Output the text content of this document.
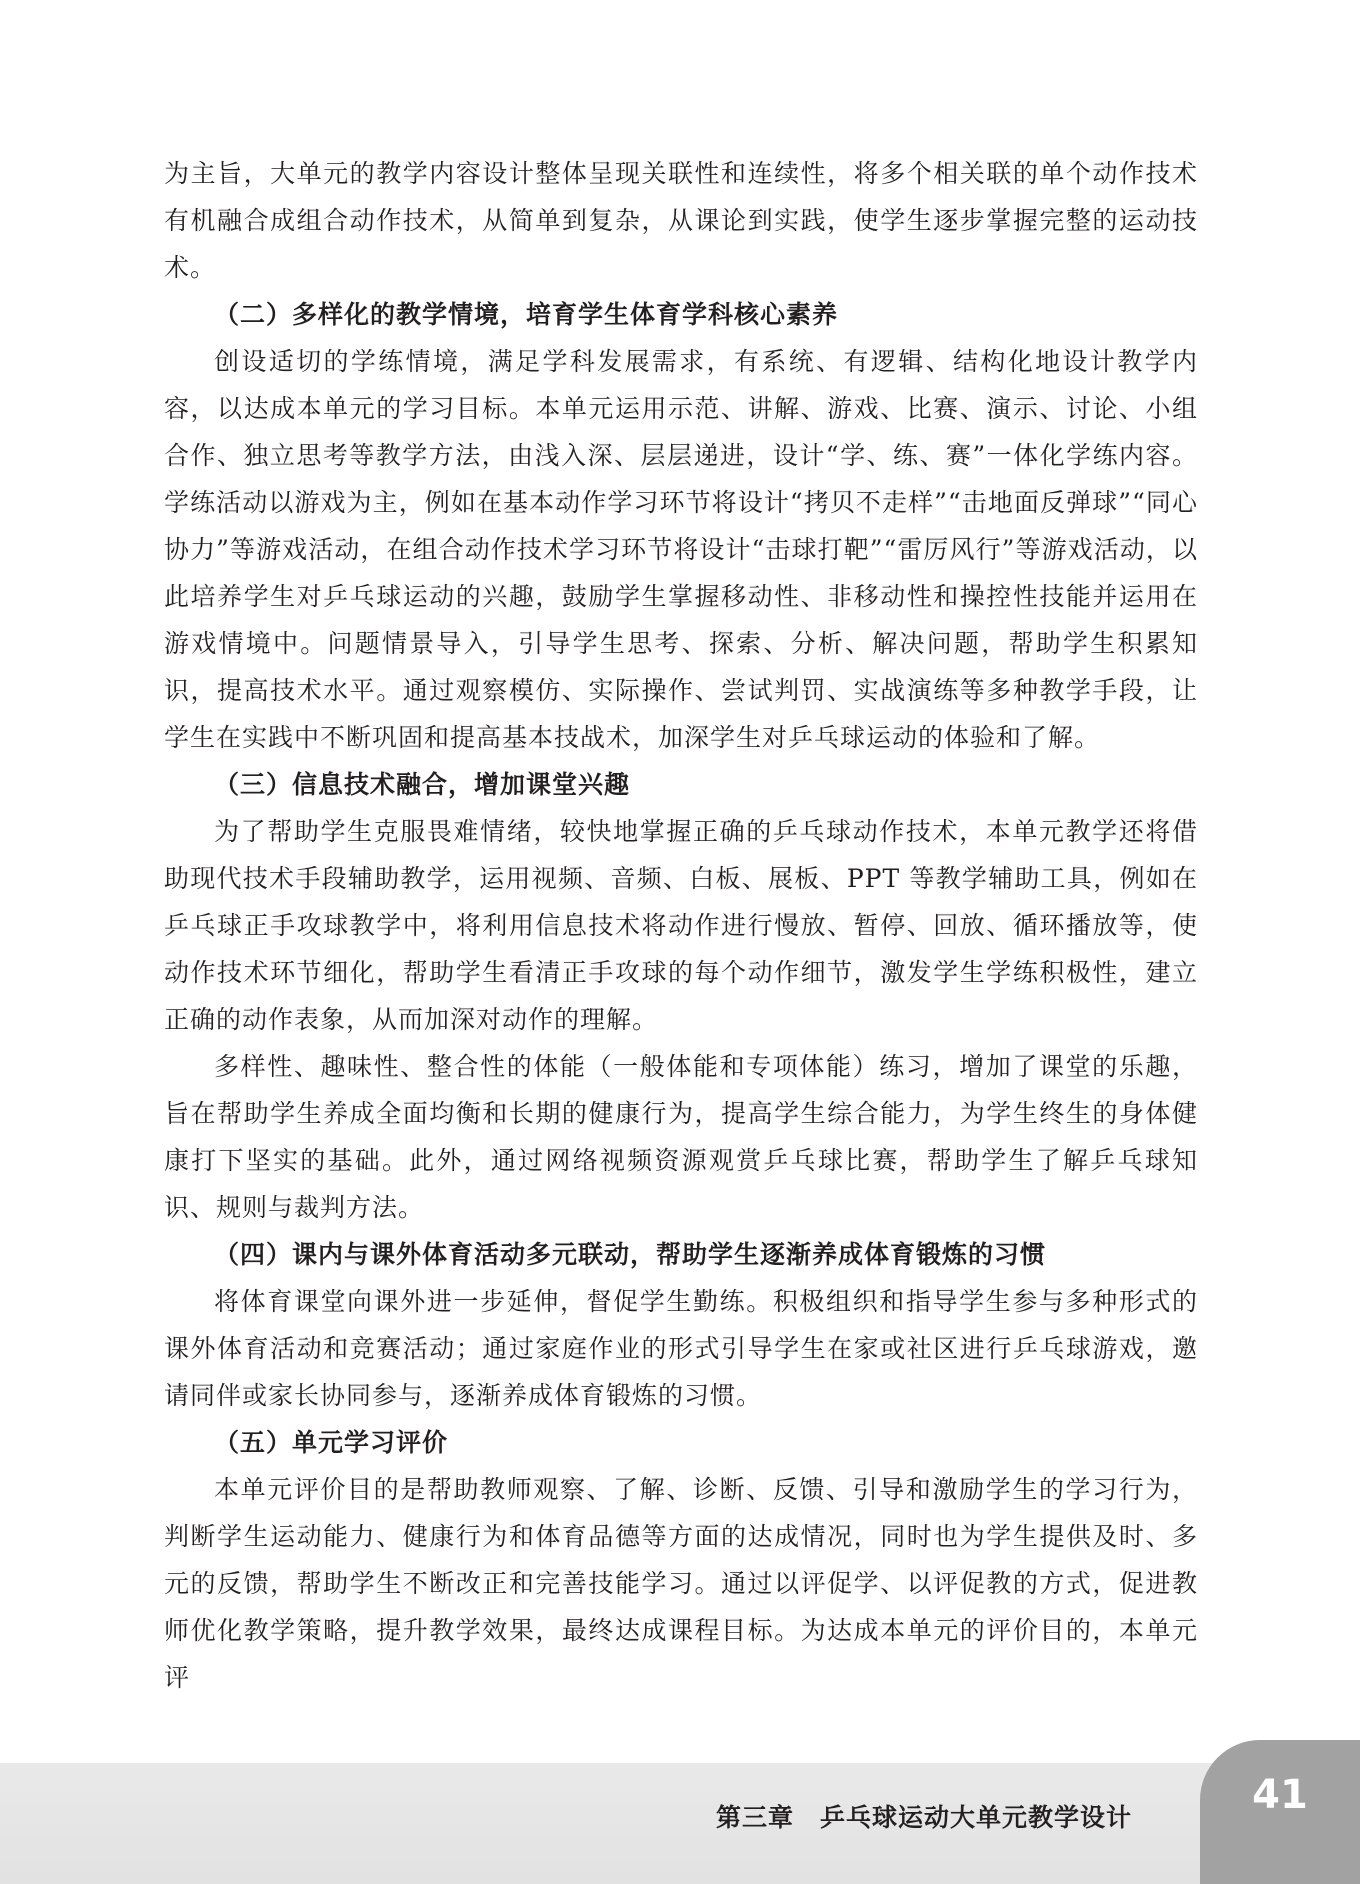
为主旨，大单元的教学内容设计整体呈现关联性和连续性，将多个相关联的单个动作技术有机融合成组合动作技术，从简单到复杂，从课论到实践，使学生逐步掌握完整的运动技术。

（二）多样化的教学情境，培育学生体育学科核心素养

创设适切的学练情境，满足学科发展需求，有系统、有逻辑、结构化地设计教学内容，以达成本单元的学习目标。本单元运用示范、讲解、游戏、比赛、演示、讨论、小组合作、独立思考等教学方法，由浅入深、层层递进，设计“学、练、赛”一体化学练内容。学练活动以游戏为主，例如在基本动作学习环节将设计“拷贝不走样”“击地面反弹球”“同心协力”等游戏活动，在组合动作技术学习环节将设计“击球打靶”“雷厉风行”等游戏活动，以此培养学生对乒乓球运动的兴趣，鼓励学生掌握移动性、非移动性和操控性技能并运用在游戏情境中。问题情景导入，引导学生思考、探索、分析、解决问题，帮助学生积累知识，提高技术水平。通过观察模仿、实际操作、尝试判罚、实战演练等多种教学手段，让学生在实践中不断巩固和提高基本技战术，加深学生对乒乓球运动的体验和了解。

（三）信息技术融合，增加课堂兴趣

为了帮助学生克服畏难情绪，较快地掌握正确的乒乓球动作技术，本单元教学还将借助现代技术手段辅助教学，运用视频、音频、白板、展板、PPT 等教学辅助工具，例如在乒乓球正手攻球教学中，将利用信息技术将动作进行慢放、暂停、回放、循环播放等，使动作技术环节细化，帮助学生看清正手攻球的每个动作细节，激发学生学练积极性，建立正确的动作表象，从而加深对动作的理解。

多样性、趣味性、整合性的体能（一般体能和专项体能）练习，增加了课堂的乐趣，旨在帮助学生养成全面均衡和长期的健康行为，提高学生综合能力，为学生终生的身体健康打下坚实的基础。此外，通过网络视频资源观赏乒乓球比赛，帮助学生了解乒乓球知识、规则与裁判方法。

（四）课内与课外体育活动多元联动，帮助学生逐渐养成体育锻炼的习惯

将体育课堂向课外进一步延伸，督促学生勤练。积极组织和指导学生参与多种形式的课外体育活动和竞赛活动；通过家庭作业的形式引导学生在家或社区进行乒乓球游戏，邀请同伴或家长协同参与，逐渐养成体育锻炼的习惯。

（五）单元学习评价

本单元评价目的是帮助教师观察、了解、诊断、反馈、引导和激励学生的学习行为，判断学生运动能力、健康行为和体育品德等方面的达成情况，同时也为学生提供及时、多元的反馈，帮助学生不断改正和完善技能学习。通过以评促学、以评促教的方式，促进教师优化教学策略，提升教学效果，最终达成课程目标。为达成本单元的评价目的，本单元评

第三章　乒乓球运动大单元教学设计	41
